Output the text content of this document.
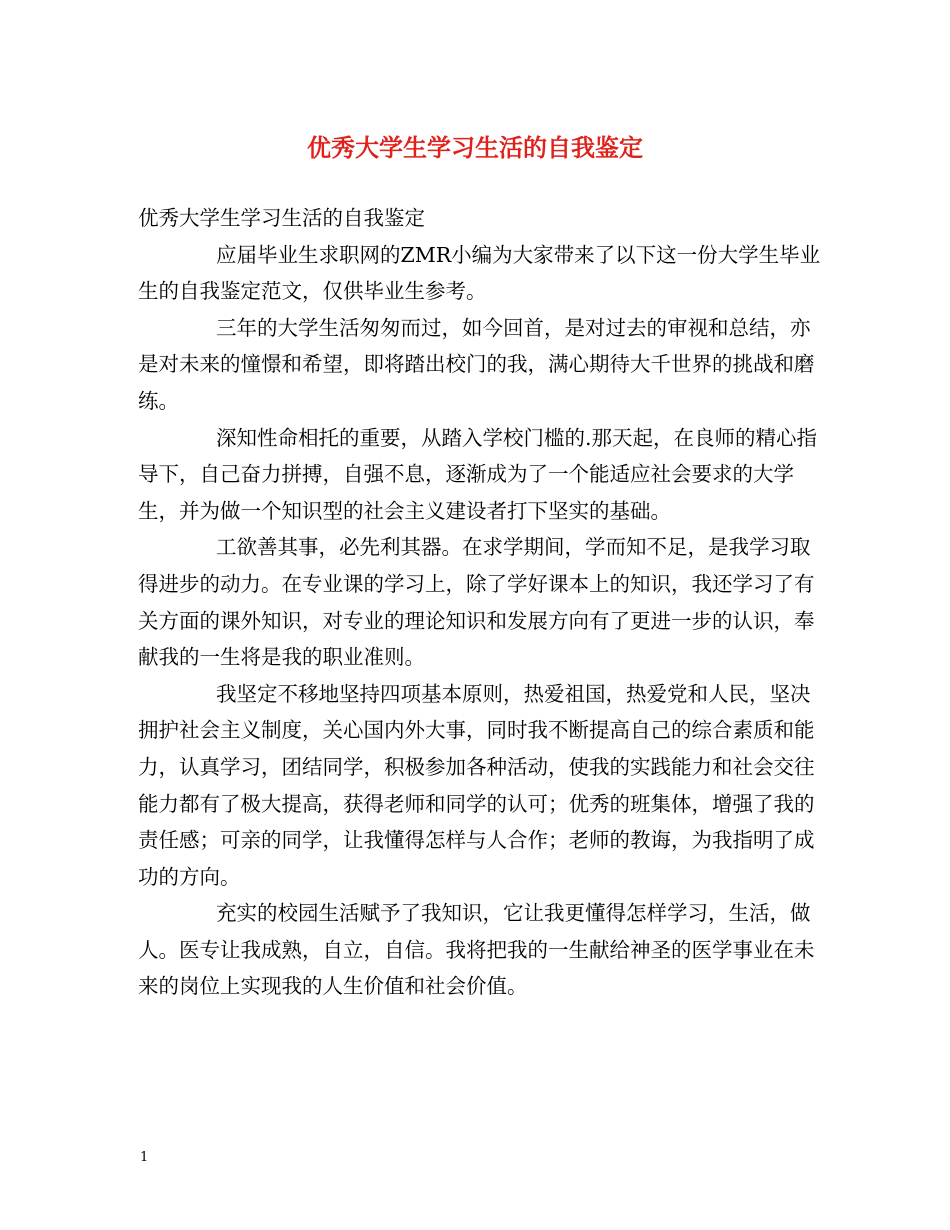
优秀大学生学习生活的自我鉴定

优秀大学生学习生活的自我鉴定

应届毕业生求职网的ZMR小编为大家带来了以下这一份大学生毕业生的自我鉴定范文，仅供毕业生参考。

三年的大学生活匆匆而过，如今回首，是对过去的审视和总结，亦是对未来的憧憬和希望，即将踏出校门的我，满心期待大千世界的挑战和磨练。

深知性命相托的重要，从踏入学校门槛的.那天起，在良师的精心指导下，自己奋力拼搏，自强不息，逐渐成为了一个能适应社会要求的大学生，并为做一个知识型的社会主义建设者打下坚实的基础。

工欲善其事，必先利其器。在求学期间，学而知不足，是我学习取得进步的动力。在专业课的学习上，除了学好课本上的知识，我还学习了有关方面的课外知识，对专业的理论知识和发展方向有了更进一步的认识，奉献我的一生将是我的职业准则。

我坚定不移地坚持四项基本原则，热爱祖国，热爱党和人民，坚决拥护社会主义制度，关心国内外大事，同时我不断提高自己的综合素质和能力，认真学习，团结同学，积极参加各种活动，使我的实践能力和社会交往能力都有了极大提高，获得老师和同学的认可；优秀的班集体，增强了我的责任感；可亲的同学，让我懂得怎样与人合作；老师的教诲，为我指明了成功的方向。

充实的校园生活赋予了我知识，它让我更懂得怎样学习，生活，做人。医专让我成熟，自立，自信。我将把我的一生献给神圣的医学事业在未来的岗位上实现我的人生价值和社会价值。

1
